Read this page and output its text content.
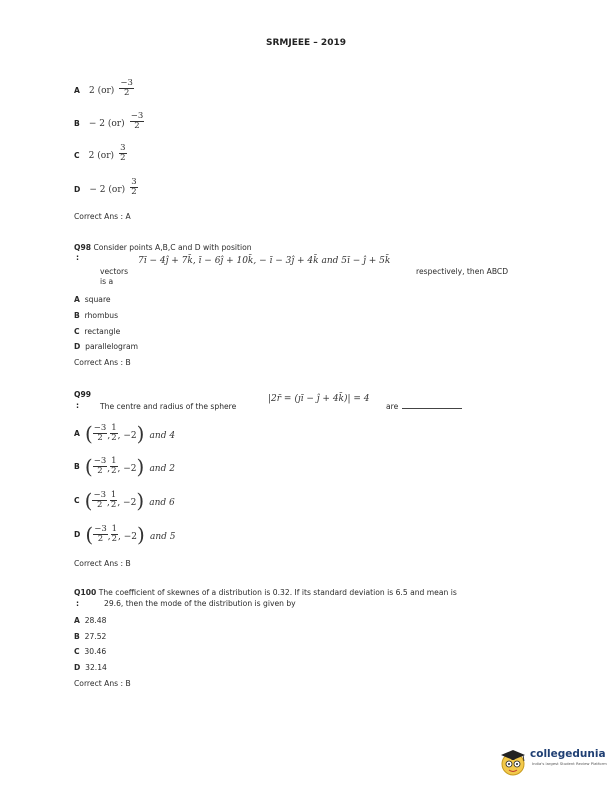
SRMJEEE – 2019
A 2 $(or) \frac{-3}{2}$
B − 2 $(or) \frac{-3}{2}$
C 2 $(or) \frac{3}{2}$
D − 2 $(or) \frac{3}{2}$
Correct Ans : A
Q98 Consider points A,B,C and D with position
:	7ī − 4ĵ + 7k̄, ī − 6ĵ + 10k̄, − ī − 3ĵ + 4k̄ and 5ī − ĵ + 5k̄
vectors	respectively, then ABCD
is a
A square
B rhombus
C rectangle
D parallelogram
Correct Ans : B
Q99
:	The centre and radius of the sphere
|2r̄ = (ȷī − ĵ + 4k̄)| = 4
are
A ( $\frac{-3}{2}$ , $\frac{1}{2}$ , −2) and 4
B ( $\frac{-3}{2}$ , $\frac{1}{2}$ , −2) and 2
C ( $\frac{-3}{2}$ , $\frac{1}{2}$ , −2) and 6
D ( $\frac{-3}{2}$ , $\frac{1}{2}$ , −2) and 5
Correct Ans : B
Q100 The coefficient of skewnes of a distribution is 0.32. If its standard deviation is 6.5 and mean is
:	29.6, then the mode of the distribution is given by
A 28.48
B 27.52
C 30.46
D 32.14
Correct Ans : B
collegedunia
India's largest Student Review Platform
